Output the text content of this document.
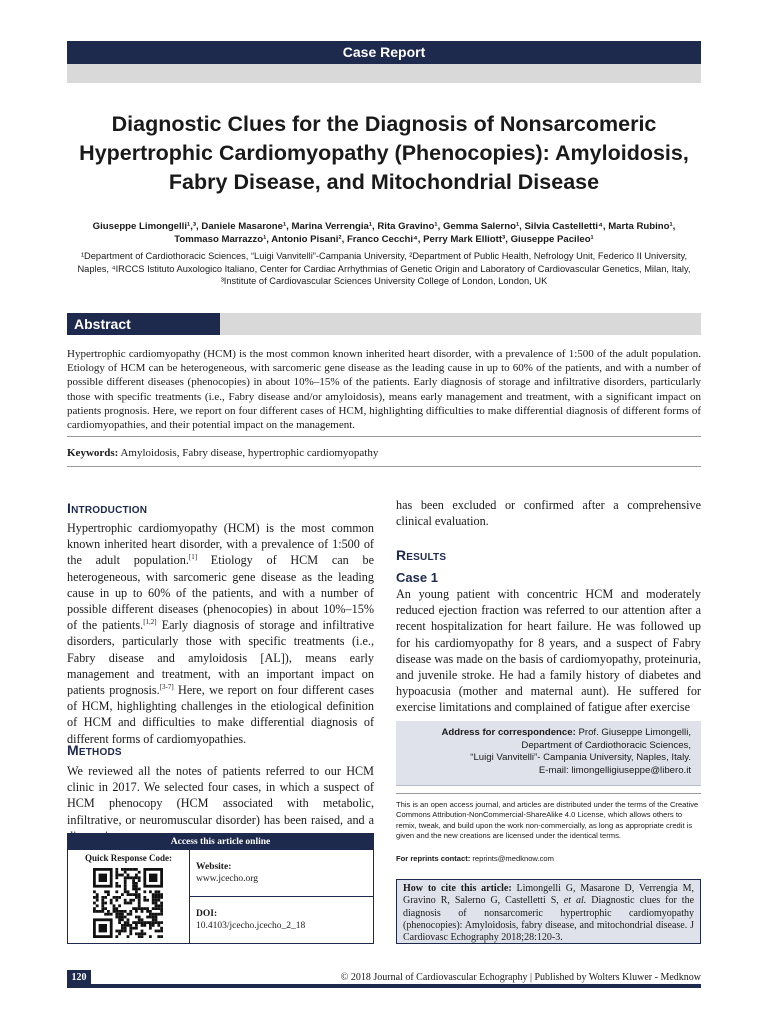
Case Report
Diagnostic Clues for the Diagnosis of Nonsarcomeric Hypertrophic Cardiomyopathy (Phenocopies): Amyloidosis, Fabry Disease, and Mitochondrial Disease
Giuseppe Limongelli¹,³, Daniele Masarone¹, Marina Verrengia¹, Rita Gravino¹, Gemma Salerno¹, Silvia Castelletti⁴, Marta Rubino¹, Tommaso Marrazzo¹, Antonio Pisani², Franco Cecchi⁴, Perry Mark Elliott³, Giuseppe Pacileo¹
¹Department of Cardiothoracic Sciences, “Luigi Vanvitelli”-Campania University, ²Department of Public Health, Nefrology Unit, Federico II University, Naples, ⁴IRCCS Istituto Auxologico Italiano, Center for Cardiac Arrhythmias of Genetic Origin and Laboratory of Cardiovascular Genetics, Milan, Italy, ³Institute of Cardiovascular Sciences University College of London, London, UK
Abstract
Hypertrophic cardiomyopathy (HCM) is the most common known inherited heart disorder, with a prevalence of 1:500 of the adult population. Etiology of HCM can be heterogeneous, with sarcomeric gene disease as the leading cause in up to 60% of the patients, and with a number of possible different diseases (phenocopies) in about 10%–15% of the patients. Early diagnosis of storage and infiltrative disorders, particularly those with specific treatments (i.e., Fabry disease and/or amyloidosis), means early management and treatment, with a significant impact on patients prognosis. Here, we report on four different cases of HCM, highlighting difficulties to make differential diagnosis of different forms of cardiomyopathies, and their potential impact on the management.
Keywords: Amyloidosis, Fabry disease, hypertrophic cardiomyopathy
Introduction
Hypertrophic cardiomyopathy (HCM) is the most common known inherited heart disorder, with a prevalence of 1:500 of the adult population.[1] Etiology of HCM can be heterogeneous, with sarcomeric gene disease as the leading cause in up to 60% of the patients, and with a number of possible different diseases (phenocopies) in about 10%–15% of the patients.[1,2] Early diagnosis of storage and infiltrative disorders, particularly those with specific treatments (i.e., Fabry disease and amyloidosis [AL]), means early management and treatment, with an important impact on patients prognosis.[3-7] Here, we report on four different cases of HCM, highlighting challenges in the etiological definition of HCM and difficulties to make differential diagnosis of different forms of cardiomyopathies.
Methods
We reviewed all the notes of patients referred to our HCM clinic in 2017. We selected four cases, in which a suspect of HCM phenocopy (HCM associated with metabolic, infiltrative, or neuromuscular disorder) has been raised, and a
Access this article online
Quick Response Code:
Website:
www.jcecho.org
DOI:
10.4103/jcecho.jcecho_2_18
has been excluded or confirmed after a comprehensive clinical evaluation.
Results
Case 1
An young patient with concentric HCM and moderately reduced ejection fraction was referred to our attention after a recent hospitalization for heart failure. He was followed up for his cardiomyopathy for 8 years, and a suspect of Fabry disease was made on the basis of cardiomyopathy, proteinuria, and juvenile stroke. He had a family history of diabetes and hypoacusia (mother and maternal aunt). He suffered for exercise limitations and complained of fatigue after exercise
Address for correspondence: Prof. Giuseppe Limongelli,
Department of Cardiothoracic Sciences,
“Luigi Vanvitelli”- Campania University, Naples, Italy.
E-mail: limongelligiuseppe@libero.it
This is an open access journal, and articles are distributed under the terms of the Creative Commons Attribution-NonCommercial-ShareAlike 4.0 License, which allows others to remix, tweak, and build upon the work non-commercially, as long as appropriate credit is given and the new creations are licensed under the identical terms.
For reprints contact: reprints@medknow.com
How to cite this article: Limongelli G, Masarone D, Verrengia M, Gravino R, Salerno G, Castelletti S, et al. Diagnostic clues for the diagnosis of nonsarcomeric hypertrophic cardiomyopathy (phenocopies): Amyloidosis, fabry disease, and mitochondrial disease. J Cardiovasc Echography 2018;28:120-3.
120	© 2018 Journal of Cardiovascular Echography | Published by Wolters Kluwer - Medknow
